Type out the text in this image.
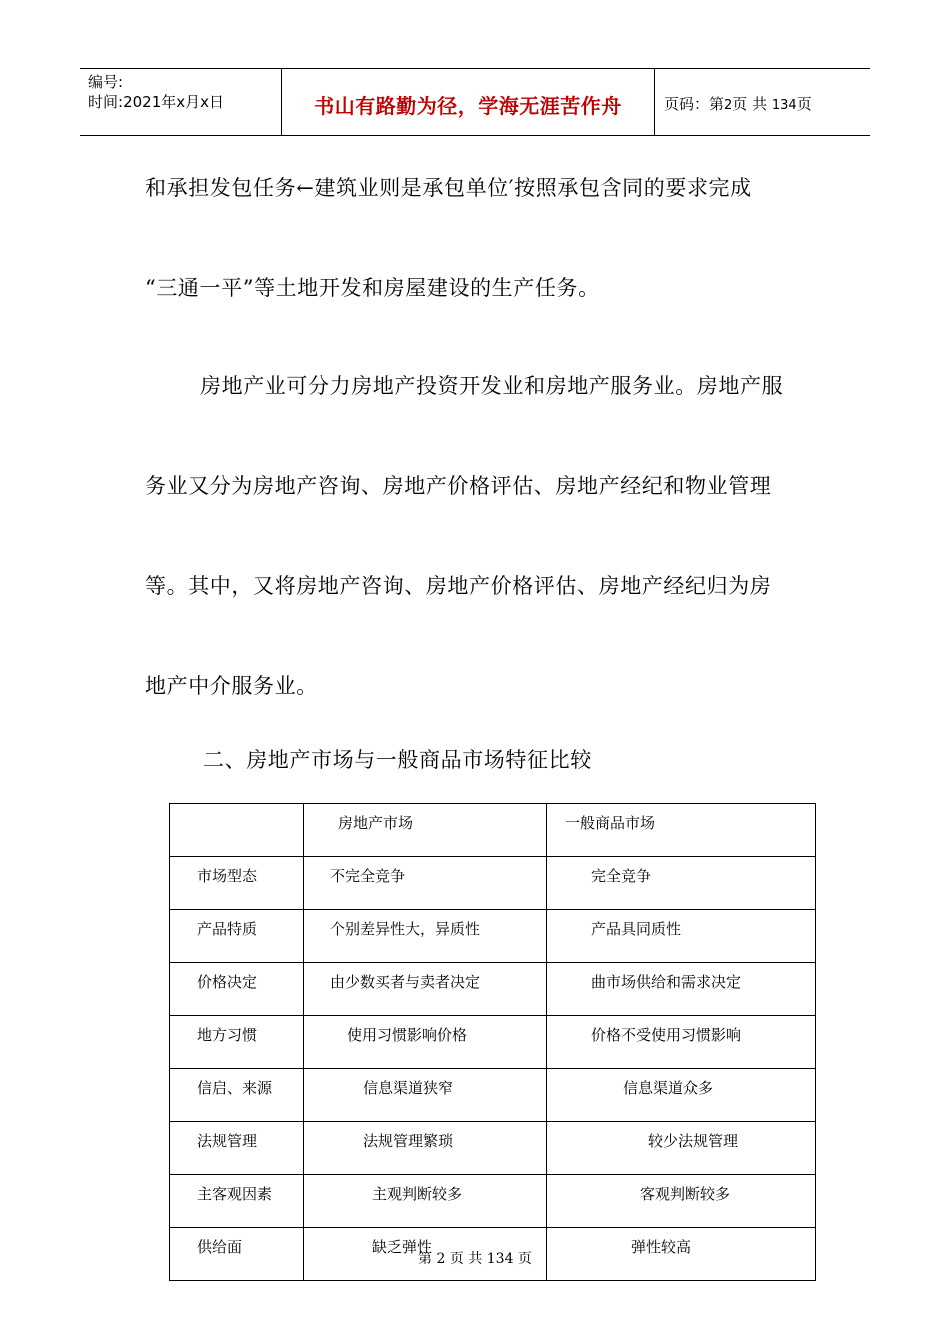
编号:
时间:2021年x月x日	书山有路勤为径，学海无涯苦作舟	页码：第2页 共 134页
和承担发包任务←建筑业则是承包单位′按照承包含同的要求完成
“三通一平”等土地开发和房屋建设的生产任务。
房地产业可分力房地产投资开发业和房地产服务业。房地产服
务业又分为房地产咨询、房地产价格评估、房地产经纪和物业管理
等。其中，又将房地产咨询、房地产价格评估、房地产经纪归为房
地产中介服务业。
二、房地产市场与一般商品市场特征比较
	房地产市场	一般商品市场
市场型态	不完全竞争	完全竞争
产品特质	个别差异性大，异质性	产品具同质性
价格决定	由少数买者与卖者决定	曲市场供给和需求决定
地方习惯	使用习惯影响价格	价格不受使用习惯影响
信启、来源	信息渠道狭窄	信息渠道众多
法规管理	法规管理繁琐	较少法规管理
主客观因素	主观判断较多	客观判断较多
供给面	缺乏弹性	弹性较高
第 2 页 共 134 页
